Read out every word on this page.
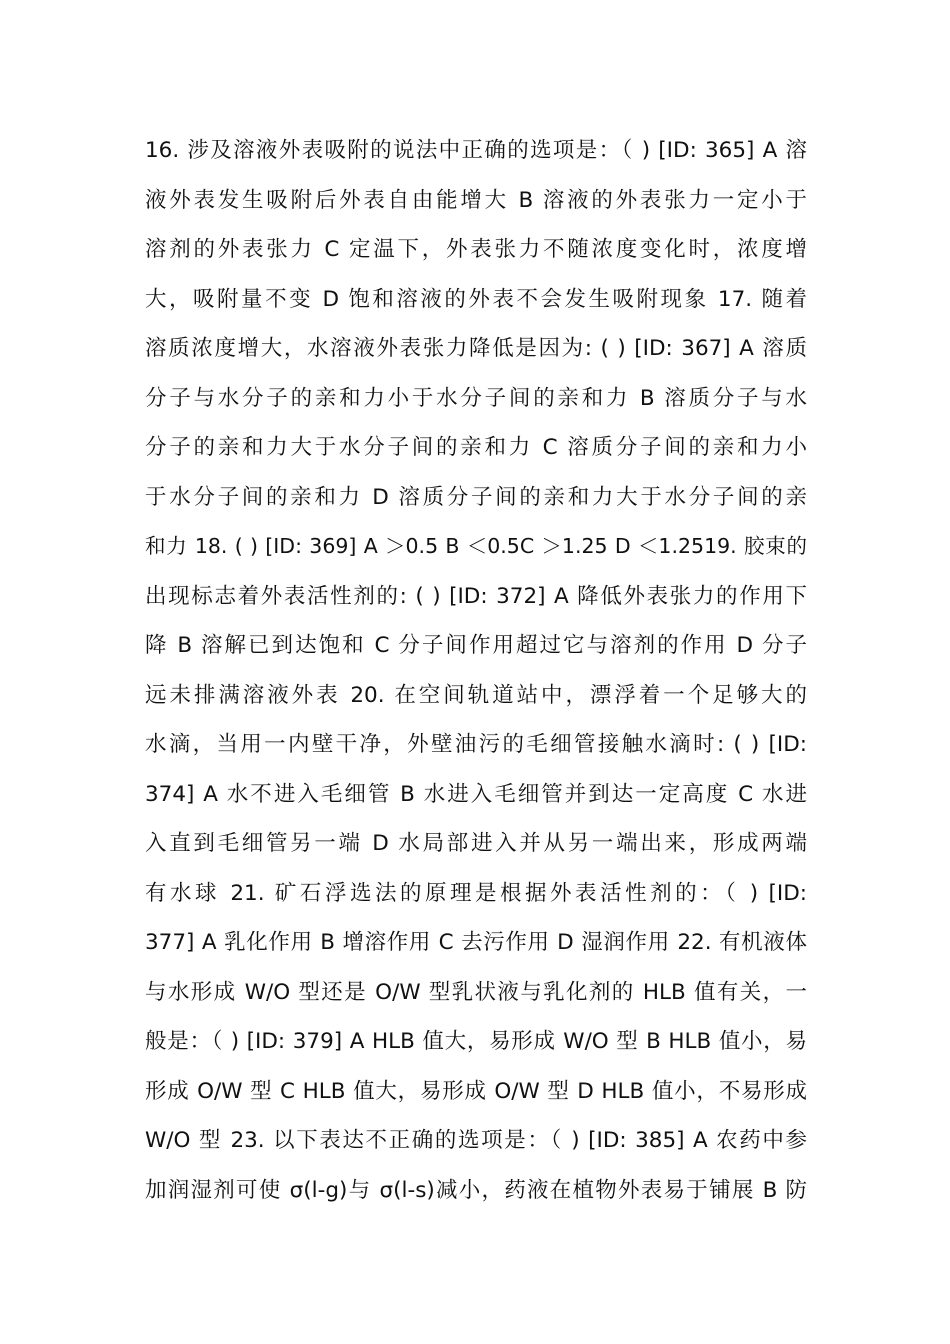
16. 涉及溶液外表吸附的说法中正确的选项是：（ ) [ID: 365] A 溶
液外表发生吸附后外表自由能增大 B 溶液的外表张力一定小于
溶剂的外表张力 C 定温下，外表张力不随浓度变化时，浓度增
大，吸附量不变 D 饱和溶液的外表不会发生吸附现象 17. 随着
溶质浓度增大，水溶液外表张力降低是因为: ( ) [ID: 367] A 溶质
分子与水分子的亲和力小于水分子间的亲和力 B 溶质分子与水
分子的亲和力大于水分子间的亲和力 C 溶质分子间的亲和力小
于水分子间的亲和力 D 溶质分子间的亲和力大于水分子间的亲
和力 18. ( ) [ID: 369] A ＞0.5 B ＜0.5C ＞1.25 D ＜1.2519. 胶束的
出现标志着外表活性剂的: ( ) [ID: 372] A 降低外表张力的作用下
降 B 溶解已到达饱和 C 分子间作用超过它与溶剂的作用 D 分子
远未排满溶液外表 20. 在空间轨道站中，漂浮着一个足够大的
水滴，当用一内壁干净，外壁油污的毛细管接触水滴时: ( ) [ID:
374] A 水不进入毛细管 B 水进入毛细管并到达一定高度 C 水进
入直到毛细管另一端 D 水局部进入并从另一端出来，形成两端
有水球 21. 矿石浮选法的原理是根据外表活性剂的：（ ) [ID:
377] A 乳化作用 B 增溶作用 C 去污作用 D 湿润作用 22. 有机液体
与水形成 W/O 型还是 O/W 型乳状液与乳化剂的 HLB 值有关，一
般是：（ ) [ID: 379] A HLB 值大，易形成 W/O 型 B HLB 值小，易
形成 O/W 型 C HLB 值大，易形成 O/W 型 D HLB 值小，不易形成
W/O 型 23. 以下表达不正确的选项是：（ ) [ID: 385] A 农药中参
加润湿剂可使 σ(l-g)与 σ(l-s)减小，药液在植物外表易于铺展 B 防
